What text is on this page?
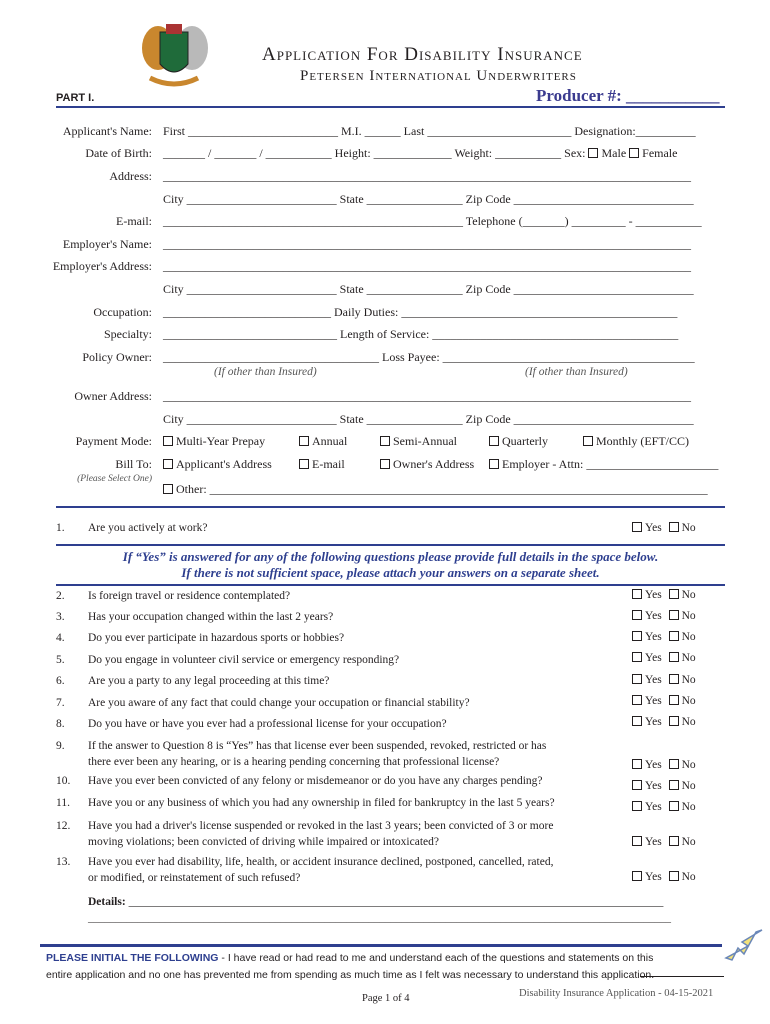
Application For Disability Insurance
Petersen International Underwriters
PART I.	Producer #: ___________
Applicant's Name: First _________________________ M.I. ______ Last ________________________ Designation:__________
Date of Birth: _______ / _______ / ___________ Height: _____________ Weight: ___________ Sex: Male Female
Address: ________________________________________________________________________________________
City _________________________ State ________________ Zip Code ______________________________
E-mail: __________________________________________________ Telephone (_______) _________ - ___________
Employer's Name: ________________________________________________________________________________________
Employer's Address: ________________________________________________________________________________________
City _________________________ State ________________ Zip Code ______________________________
Occupation: ____________________________ Daily Duties: ______________________________________________
Specialty: _____________________________ Length of Service: _________________________________________
Policy Owner: ____________________________________ Loss Payee: __________________________________________
(If other than Insured)	(If other than Insured)
Owner Address: ________________________________________________________________________________________
City _________________________ State ________________ Zip Code ______________________________
Payment Mode:	Multi-Year Prepay	Annual	Semi-Annual	Quarterly	Monthly (EFT/CC)
Bill To:
(Please Select One)
Applicant's Address	E-mail	Owner's Address	Employer - Attn: ______________________
Other: ___________________________________________________________________________________
1. Are you actively at work?	Yes No
2. Is foreign travel or residence contemplated?	Yes No
3. Has your occupation changed within the last 2 years?	Yes No
4. Do you ever participate in hazardous sports or hobbies?	Yes No
5. Do you engage in volunteer civil service or emergency responding?	Yes No
6. Are you a party to any legal proceeding at this time?	Yes No
7. Are you aware of any fact that could change your occupation or financial stability?	Yes No
8. Do you have or have you ever had a professional license for your occupation?	Yes No
9. If the answer to Question 8 is “Yes” has that license ever been suspended, revoked, restricted or has
there ever been any hearing, or is a hearing pending concerning that professional license?	Yes No
10. Have you ever been convicted of any felony or misdemeanor or do you have any charges pending?	Yes No
11. Have you or any business of which you had any ownership in filed for bankruptcy in the last 5 years?	Yes No
12. Have you had a driver's license suspended or revoked in the last 3 years; been convicted of 3 or more
moving violations; been convicted of driving while impaired or intoxicated?	Yes No
13. Have you ever had disability, life, health, or accident insurance declined, postponed, cancelled, rated,
or modified, or reinstatement of such refused?	Yes No
If “Yes” is answered for any of the following questions please provide full details in the space below.
If there is not sufficient space, please attach your answers on a separate sheet.
Details: _____________________________________________________________________________________________
__________________________________________________________________________________________________________
PLEASE INITIAL THE FOLLOWING - I have read or had read to me and understand each of the questions and statements on this
entire application and no one has prevented me from spending as much time as I felt was necessary to understand this application.
Page 1 of 4	Disability Insurance Application - 04-15-2021
